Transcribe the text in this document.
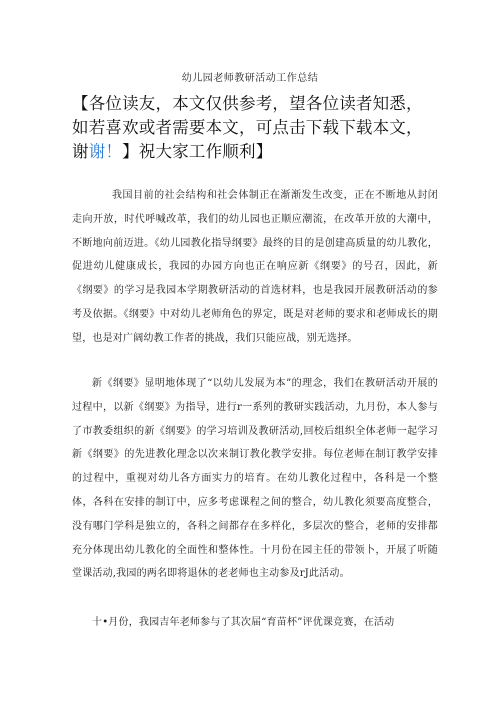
幼儿园老师教研活动工作总结
【各位读友，本文仅供参考，望各位读者知悉，如若喜欢或者需要本文，可点击下载下载本文，谢谢！】祝大家工作顺利】

我国目前的社会结构和社会体制正在渐渐发生改变，正在不断地从封闭走向开放，时代呼喊改革，我们的幼儿园也正顺应潮流，在改革开放的大潮中，不断地向前迈进。《幼儿园教化指导纲要》最终的目的是创建高质量的幼儿教化，促进幼儿健康成长，我园的办园方向也正在响应新《纲要》的号召，因此，新《纲要》的学习是我园本学期教研活动的首选材料，也是我园开展教研活动的参考及依据。《纲要》中对幼儿老师角色的界定，既是对老师的要求和老师成长的期望，也是对广阔幼教工作者的挑战，我们只能应战，别无选择。

新《纲要》显明地体现了“以幼儿发展为本”的理念，我们在教研活动开展的过程中，以新《纲要》为指导，进行r一系列的教研实践活动，九月份，本人参与了市教委组织的新《纲要》的学习培训及教研活动,回校后组织全体老师一起学习新《纲要》的先进教化理念以次来制订教化教学安排。每位老师在制订教学安排的过程中，重视对幼儿各方面实力的培育。在幼儿教化过程中，各科是一个整体，各科在安排的制订中，应多考虑课程之间的整合，幼儿教化须要高度整合，没有哪门学科是独立的，各科之间都存在多样化，多层次的整合，老师的安排都充分体现出幼儿教化的全面性和整体性。十月份在园主任的带领卜，开展了听随堂课活动,我园的两名即将退休的老老师也主动参及rJ此活动。

十•月份，我园吉年老师参与了其次届“育苗杯”评优课竞赛，在活动
